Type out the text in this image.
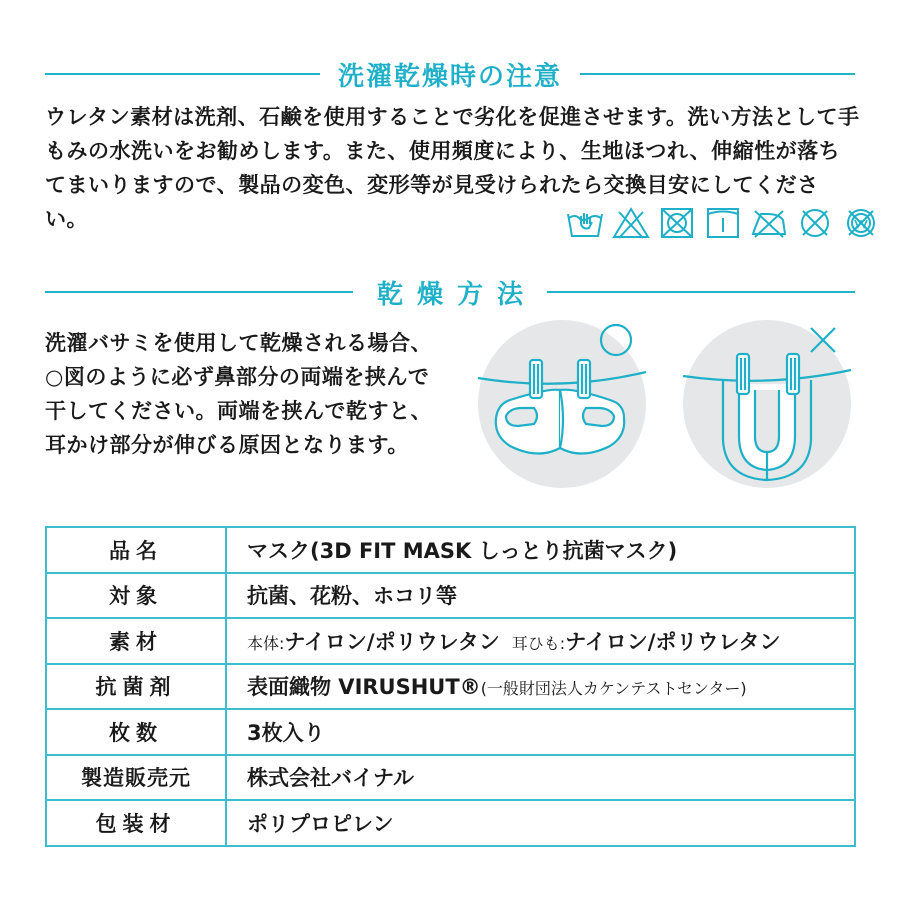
洗濯乾燥時の注意

ウレタン素材は洗剤、石鹸を使用することで劣化を促進させます。洗い方法として手もみの水洗いをお勧めします。また、使用頻度により、生地ほつれ、伸縮性が落ちてまいりますので、製品の変色、変形等が見受けられたら交換目安にしてください。

乾燥方法

洗濯バサミを使用して乾燥される場合、○図のように必ず鼻部分の両端を挟んで干してください。両端を挟んで乾すと、耳かけ部分が伸びる原因となります。

品名	マスク(3D FIT MASK しっとり抗菌マスク)
対象	抗菌、花粉、ホコリ等
素材	本体:ナイロン/ポリウレタン 耳ひも:ナイロン/ポリウレタン
抗菌剤	表面織物 VIRUSHUT®(一般財団法人カケンテストセンター)
枚数	3枚入り
製造販売元	株式会社バイナル
包装材	ポリプロピレン
